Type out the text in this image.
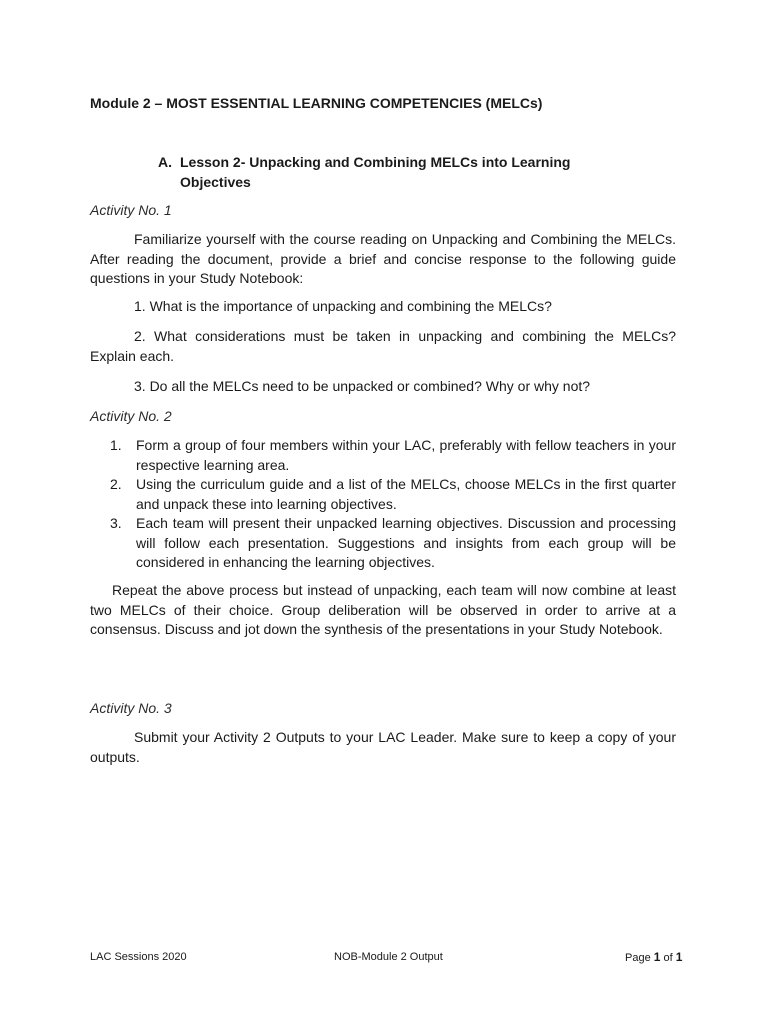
Module 2 – MOST ESSENTIAL LEARNING COMPETENCIES (MELCs)
A. Lesson 2- Unpacking and Combining MELCs into Learning Objectives
Activity No. 1
Familiarize yourself with the course reading on Unpacking and Combining the MELCs. After reading the document, provide a brief and concise response to the following guide questions in your Study Notebook:
1. What is the importance of unpacking and combining the MELCs?
2. What considerations must be taken in unpacking and combining the MELCs? Explain each.
3. Do all the MELCs need to be unpacked or combined? Why or why not?
Activity No. 2
1.	Form a group of four members within your LAC, preferably with fellow teachers in your respective learning area.
2.	Using the curriculum guide and a list of the MELCs, choose MELCs in the first quarter and unpack these into learning objectives.
3.	Each team will present their unpacked learning objectives. Discussion and processing will follow each presentation. Suggestions and insights from each group will be considered in enhancing the learning objectives.
Repeat the above process but instead of unpacking, each team will now combine at least two MELCs of their choice. Group deliberation will be observed in order to arrive at a consensus. Discuss and jot down the synthesis of the presentations in your Study Notebook.
Activity No. 3
Submit your Activity 2 Outputs to your LAC Leader. Make sure to keep a copy of your outputs.
LAC Sessions 2020	NOB-Module 2 Output	Page 1 of 1
